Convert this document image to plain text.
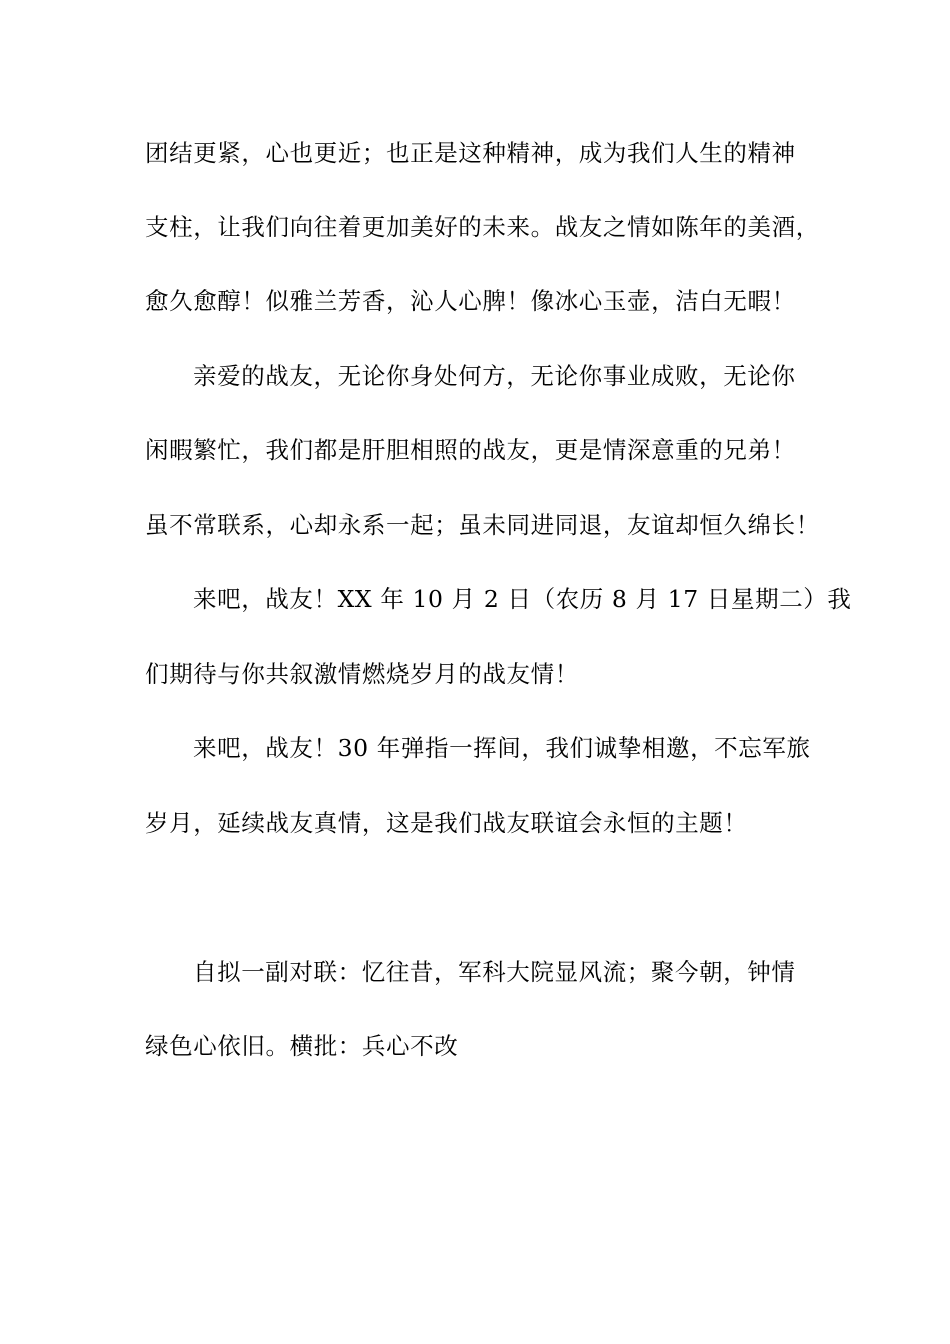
团结更紧，心也更近；也正是这种精神，成为我们人生的精神
支柱，让我们向往着更加美好的未来。战友之情如陈年的美酒，
愈久愈醇！似雅兰芳香，沁人心脾！像冰心玉壶，洁白无暇！
亲爱的战友，无论你身处何方，无论你事业成败，无论你
闲暇繁忙，我们都是肝胆相照的战友，更是情深意重的兄弟！
虽不常联系，心却永系一起；虽未同进同退，友谊却恒久绵长！
来吧，战友！XX 年 10 月 2 日（农历 8 月 17 日星期二）我
们期待与你共叙激情燃烧岁月的战友情！
来吧，战友！30 年弹指一挥间，我们诚挚相邀，不忘军旅
岁月，延续战友真情，这是我们战友联谊会永恒的主题！
自拟一副对联：忆往昔，军科大院显风流；聚今朝，钟情
绿色心依旧。横批：兵心不改
